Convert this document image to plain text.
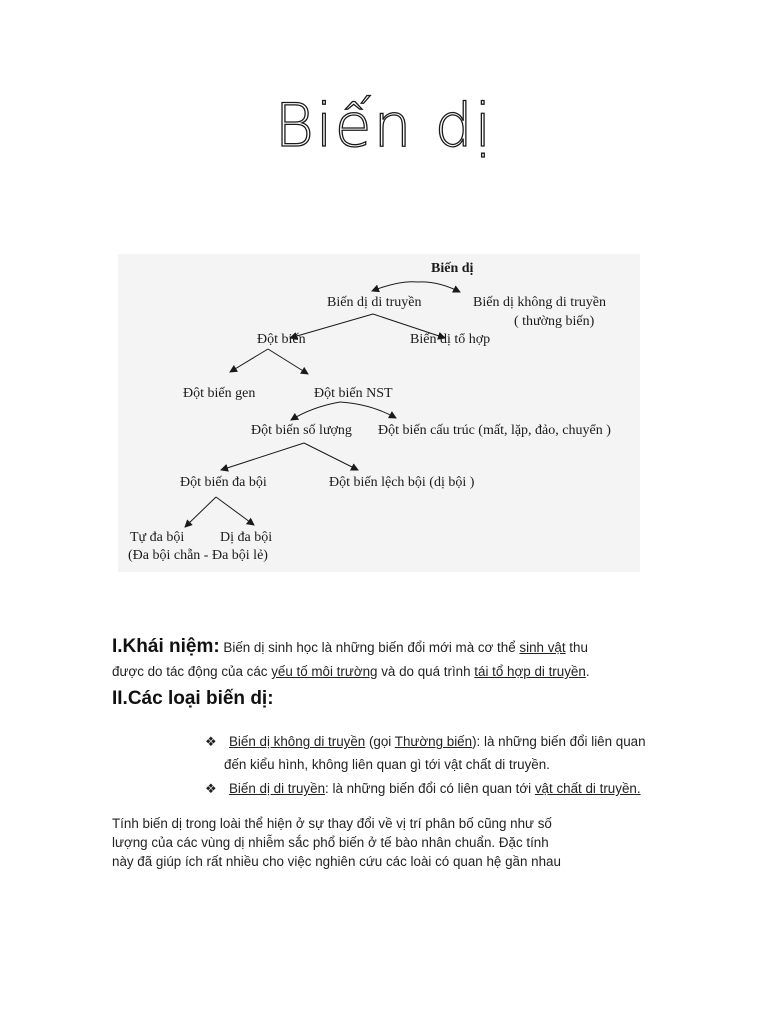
Biến dị
Biến dị
Biến dị di truyền	Biến dị không di truyền
( thường biến)
Đột biến	Biến dị tổ hợp
Đột biến gen	Đột biến NST
Đột biến số lượng Đột biến cấu trúc (mất, lặp, đảo, chuyển )
Đột biến đa bội	Đột biến lệch bội (dị bội )
Tự đa bội	Dị đa bội
(Đa bội chẵn - Đa bội lẻ)
I.Khái niệm: Biến dị sinh học là những biến đổi mới mà cơ thể sinh vật thu
được do tác động của các yếu tố môi trường và do quá trình tái tổ hợp di truyền.
II.Các loại biến dị:
❖ Biến dị không di truyền (gọi Thường biến): là những biến đổi liên quan
đến kiểu hình, không liên quan gì tới vật chất di truyền.
❖ Biến dị di truyền: là những biến đổi có liên quan tới vật chất di truyền.
Tính biến dị trong loài thể hiện ở sự thay đổi về vị trí phân bố cũng như số
lượng của các vùng dị nhiễm sắc phổ biến ở tế bào nhân chuẩn. Đặc tính
này đã giúp ích rất nhiều cho việc nghiên cứu các loài có quan hệ gần nhau
